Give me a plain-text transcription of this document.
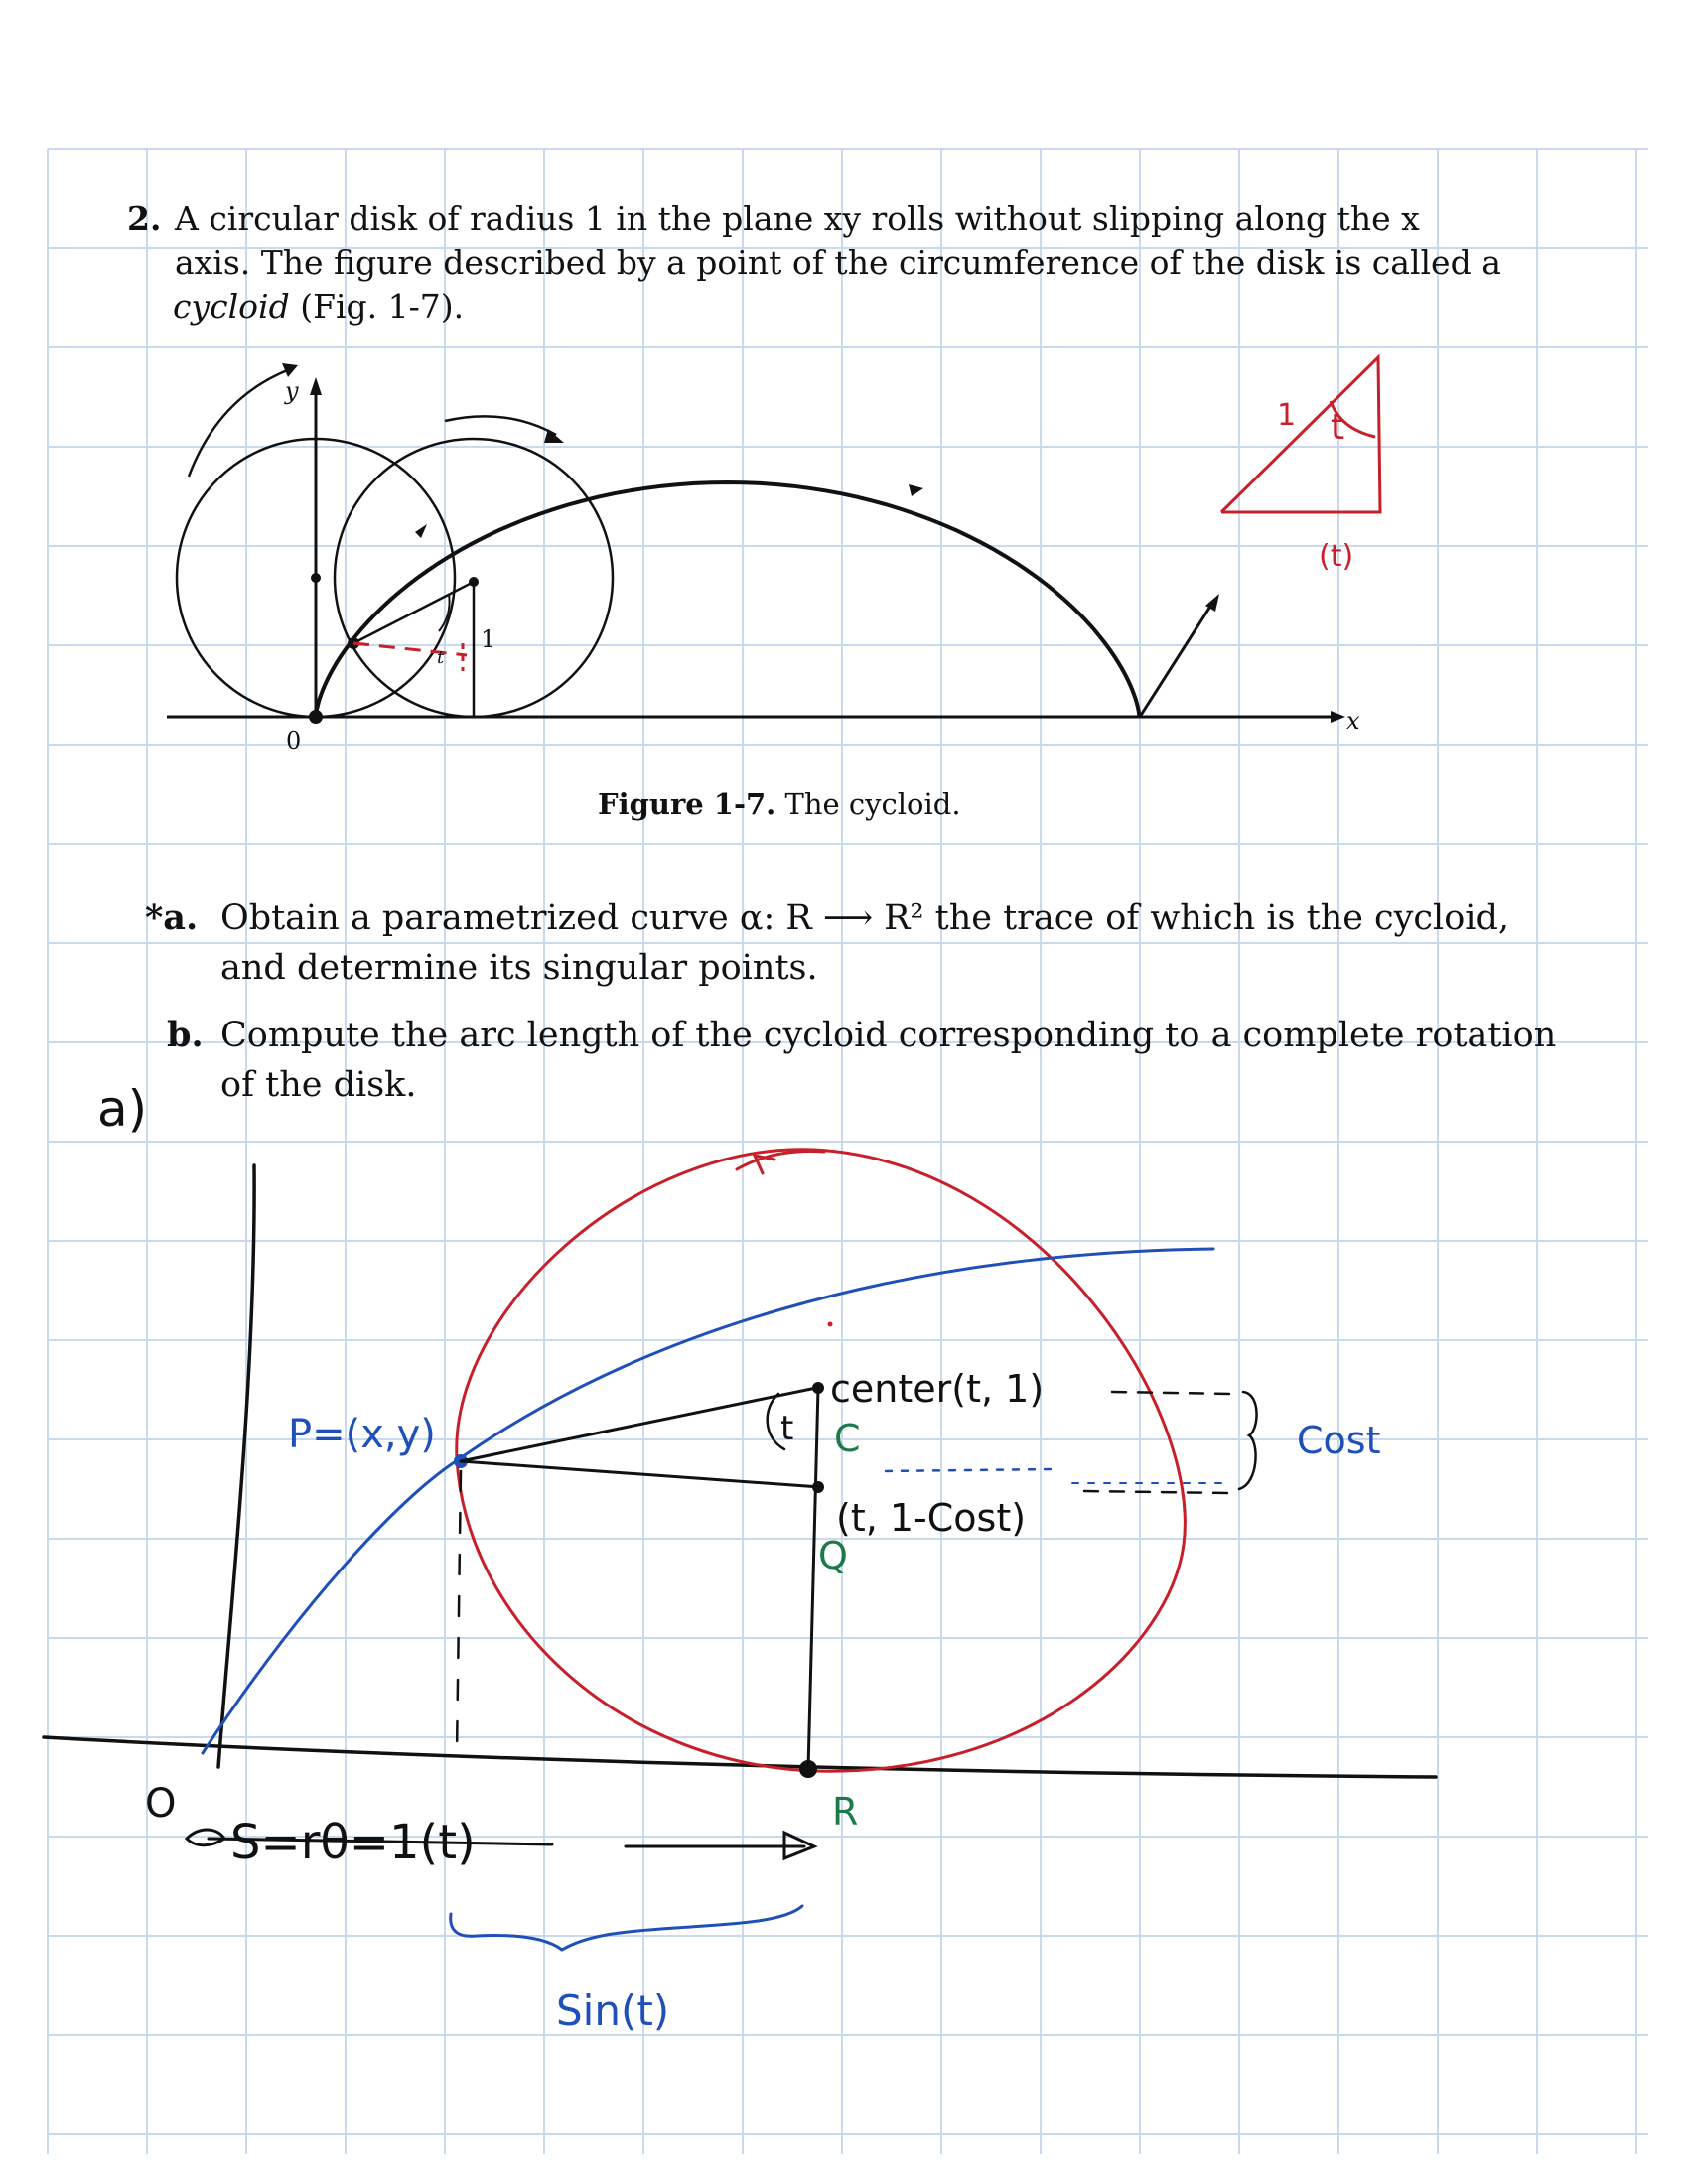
2. A circular disk of radius 1 in the plane xy rolls without slipping along the x
axis. The figure described by a point of the circumference of the disk is called a
cycloid (Fig. 1-7).
y
x
0
1
t
Figure 1-7. The cycloid.
1 t
(t)
*a. Obtain a parametrized curve α: R ⟶ R² the trace of which is the cycloid,
and determine its singular points.
b. Compute the arc length of the cycloid corresponding to a complete rotation
of the disk.
a)
P=(x,y)
center(t, 1)
C
t
Q
(t, 1-Cost)
Cost
R
O
S=rθ=1(t)
Sin(t)
